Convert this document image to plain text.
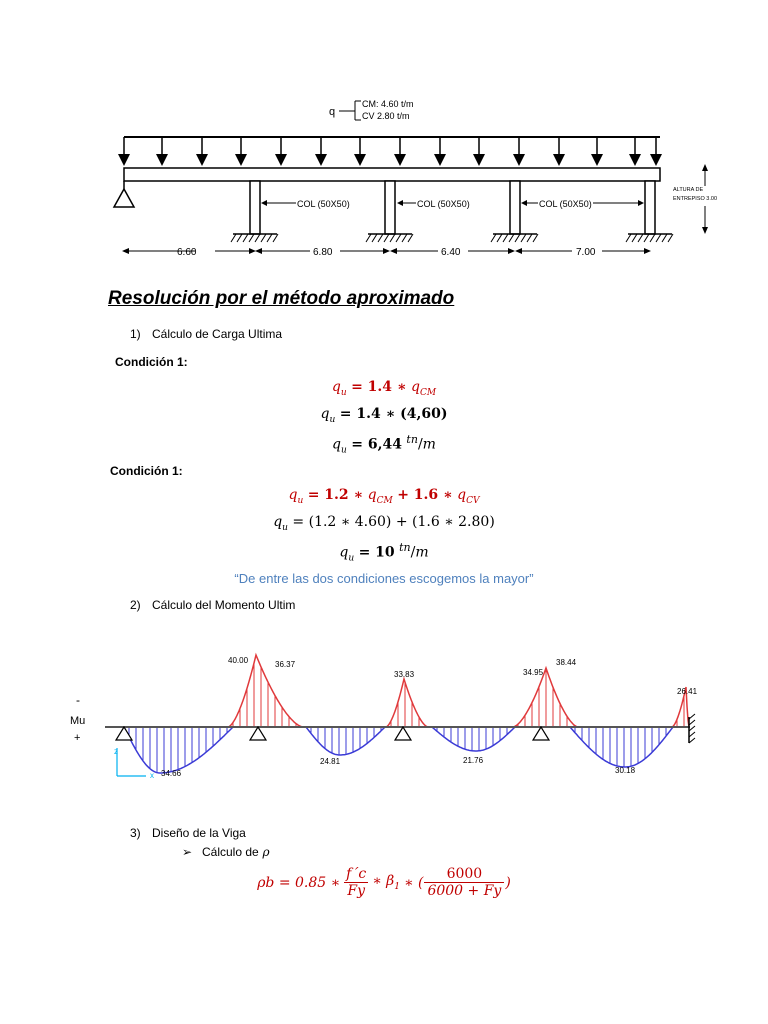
q
CM: 4.60 t/m
CV 2.80 t/m
COL (50X50)	COL (50X50)	COL (50X50)
ALTURA DE
ENTREPISO 3.00
6.60	6.80	6.40	7.00
Resolución por el método aproximado
1) Cálculo de Carga Ultima
Condición 1:
$q_u = 1.4$ ∗ $q_{CM}$
$q_u = 1.4$ ∗ (4,60)
$q_u = 6,44$ $^{tn}$/m
Condición 1:
$q_u = 1.2$ ∗ $q_{CM} + 1.6$ ∗ $q_{CV}$
$q_u = (1.2$ ∗ 4.60) + (1.6 ∗ 2.80)
$q_u = 10$ $^{tn}$/m
“De entre las dos condiciones escogemos la mayor”
2) Cálculo del Momento Ultim
-
Mu
+
z
x
40.00	36.37
33.83	34.95
38.44
26.41
34.66
24.81	21.76
30.18
3) Diseño de la Viga
➢ Cálculo de ρ
ρb = 0.85 ∗
f´c
Fy
∗ $\beta_1$ ∗ (
6000
6000 + Fy
)
